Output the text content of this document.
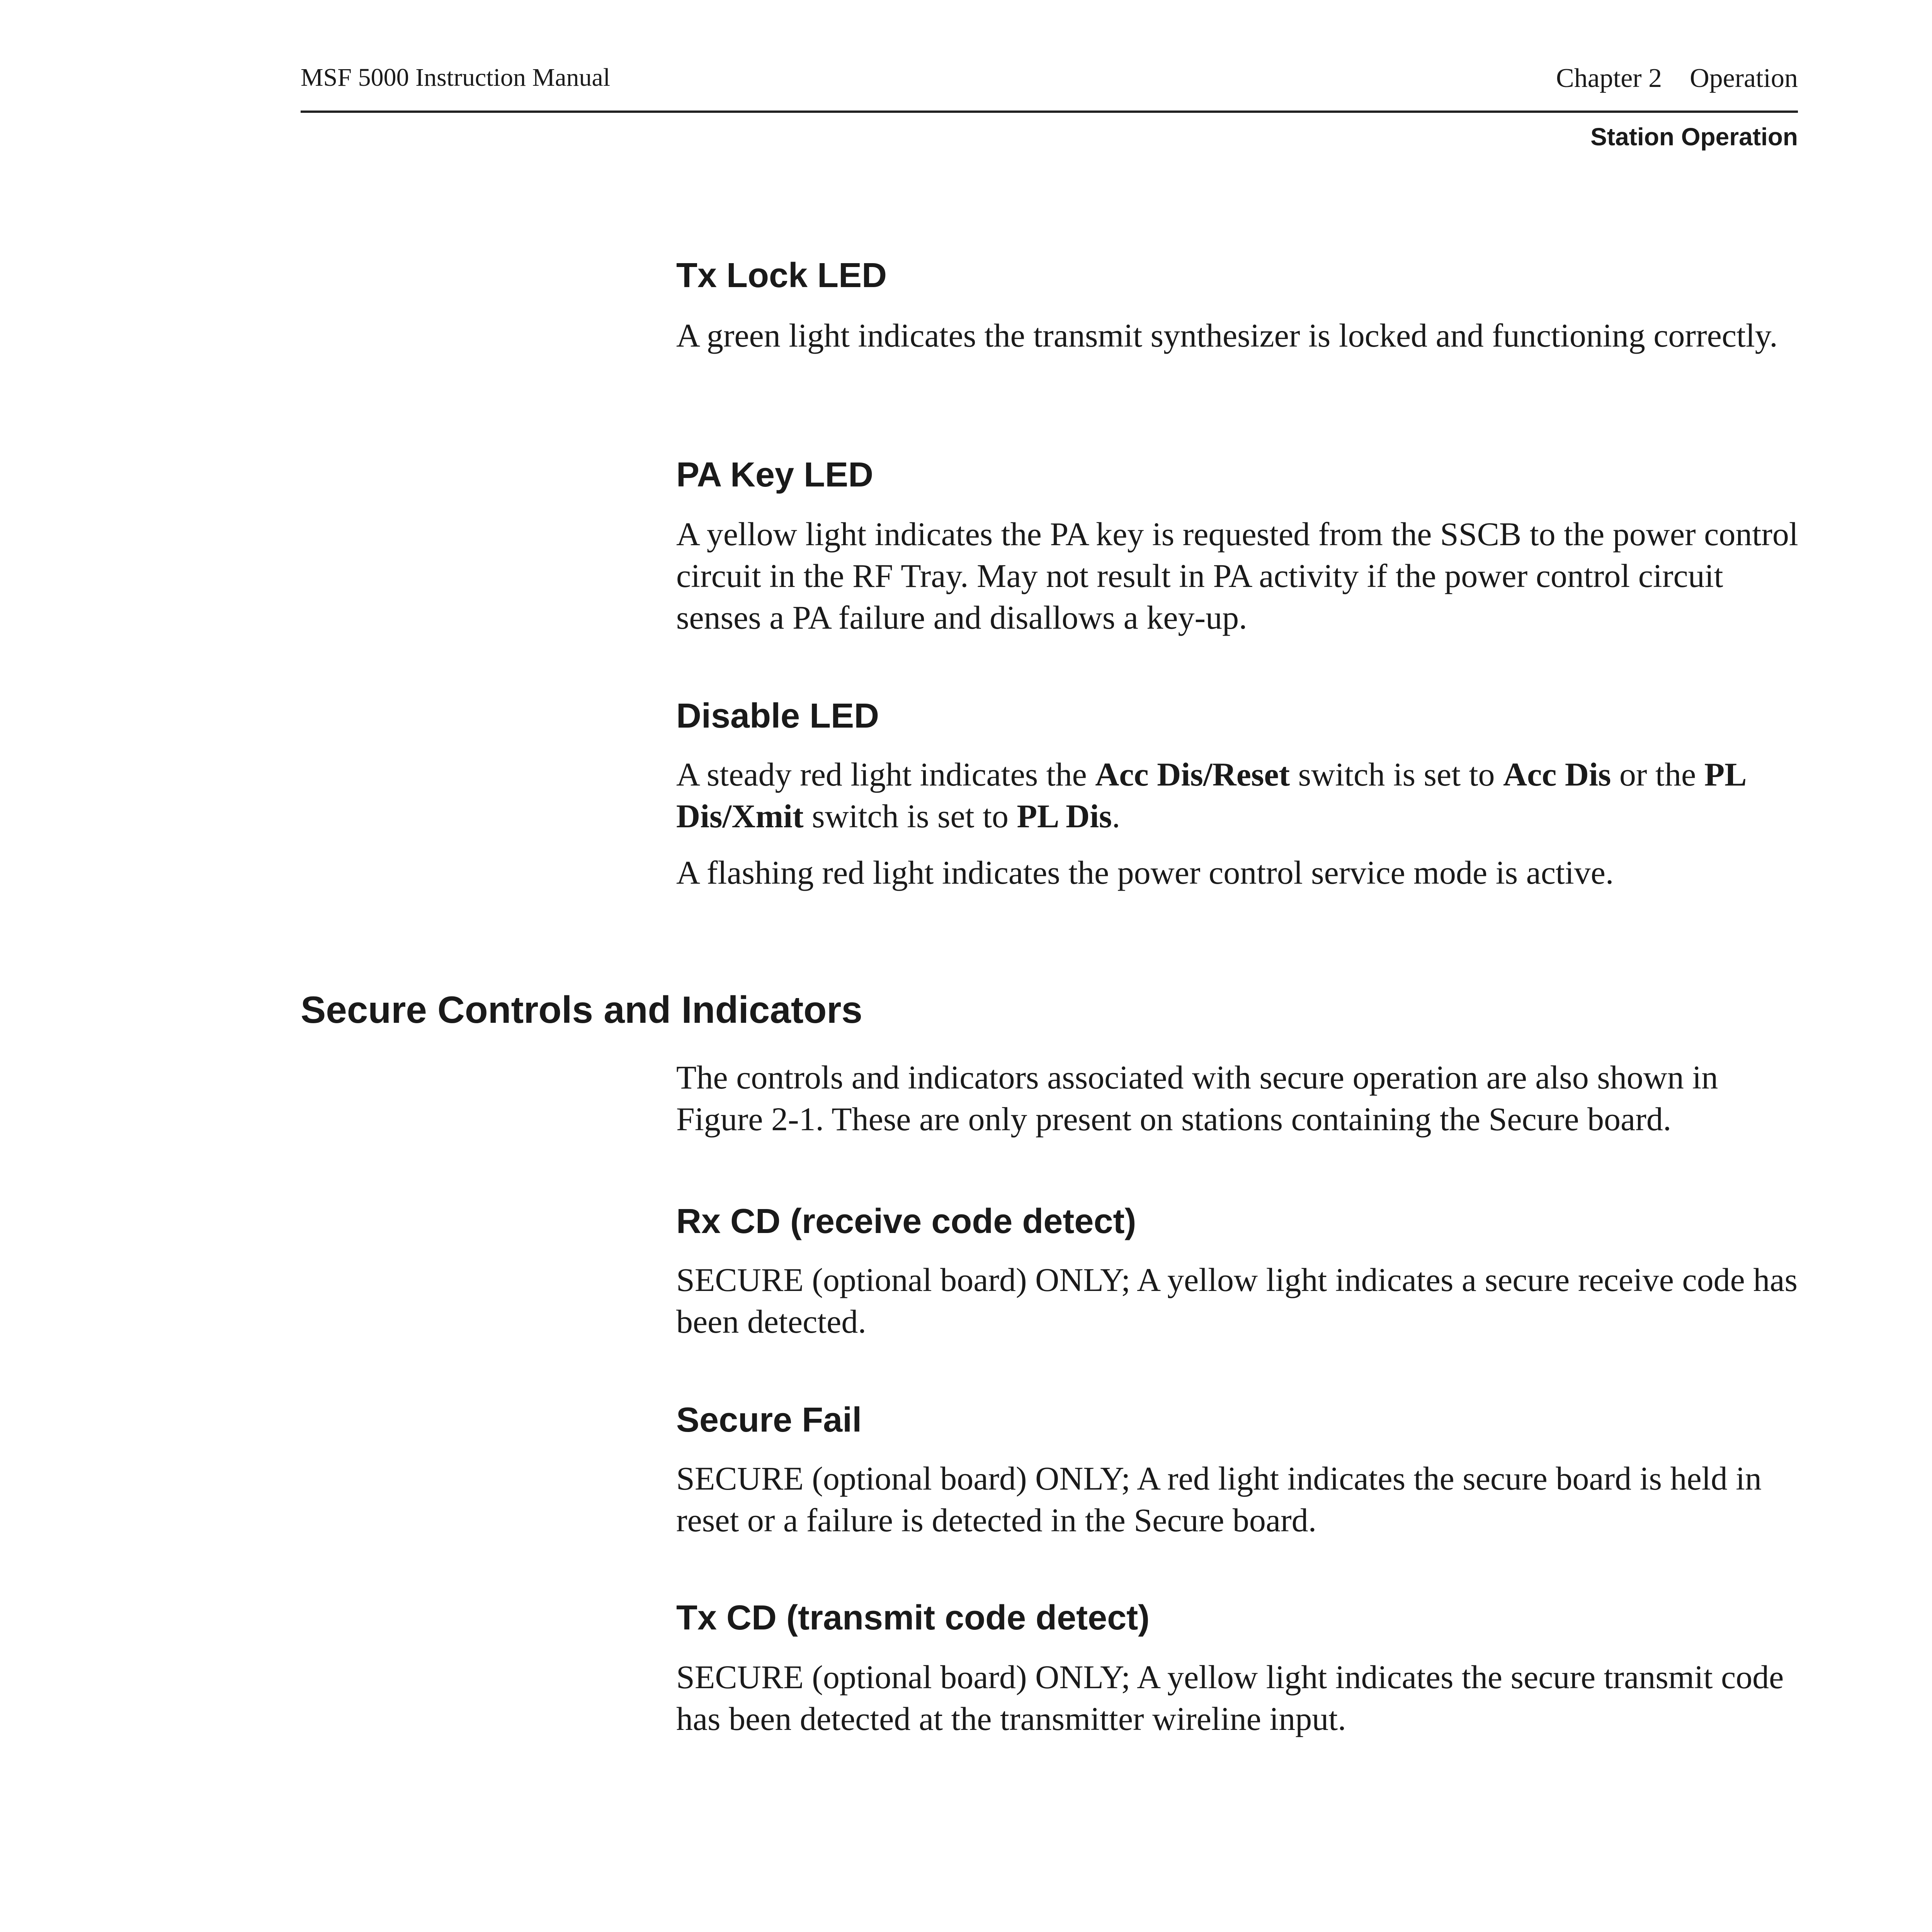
MSF 5000 Instruction Manual	Chapter 2 Operation
Station Operation
Tx Lock LED
A green light indicates the transmit synthesizer is locked and functioning correctly.
PA Key LED
A yellow light indicates the PA key is requested from the SSCB to the power control circuit in the RF Tray. May not result in PA activity if the power control circuit senses a PA failure and disallows a key-up.
Disable LED
A steady red light indicates the Acc Dis/Reset switch is set to Acc Dis or the PL Dis/Xmit switch is set to PL Dis.
A flashing red light indicates the power control service mode is active.
Secure Controls and Indicators
The controls and indicators associated with secure operation are also shown in Figure 2-1. These are only present on stations containing the Secure board.
Rx CD (receive code detect)
SECURE (optional board) ONLY; A yellow light indicates a secure receive code has been detected.
Secure Fail
SECURE (optional board) ONLY; A red light indicates the secure board is held in reset or a failure is detected in the Secure board.
Tx CD (transmit code detect)
SECURE (optional board) ONLY; A yellow light indicates the secure transmit code has been detected at the transmitter wireline input.
